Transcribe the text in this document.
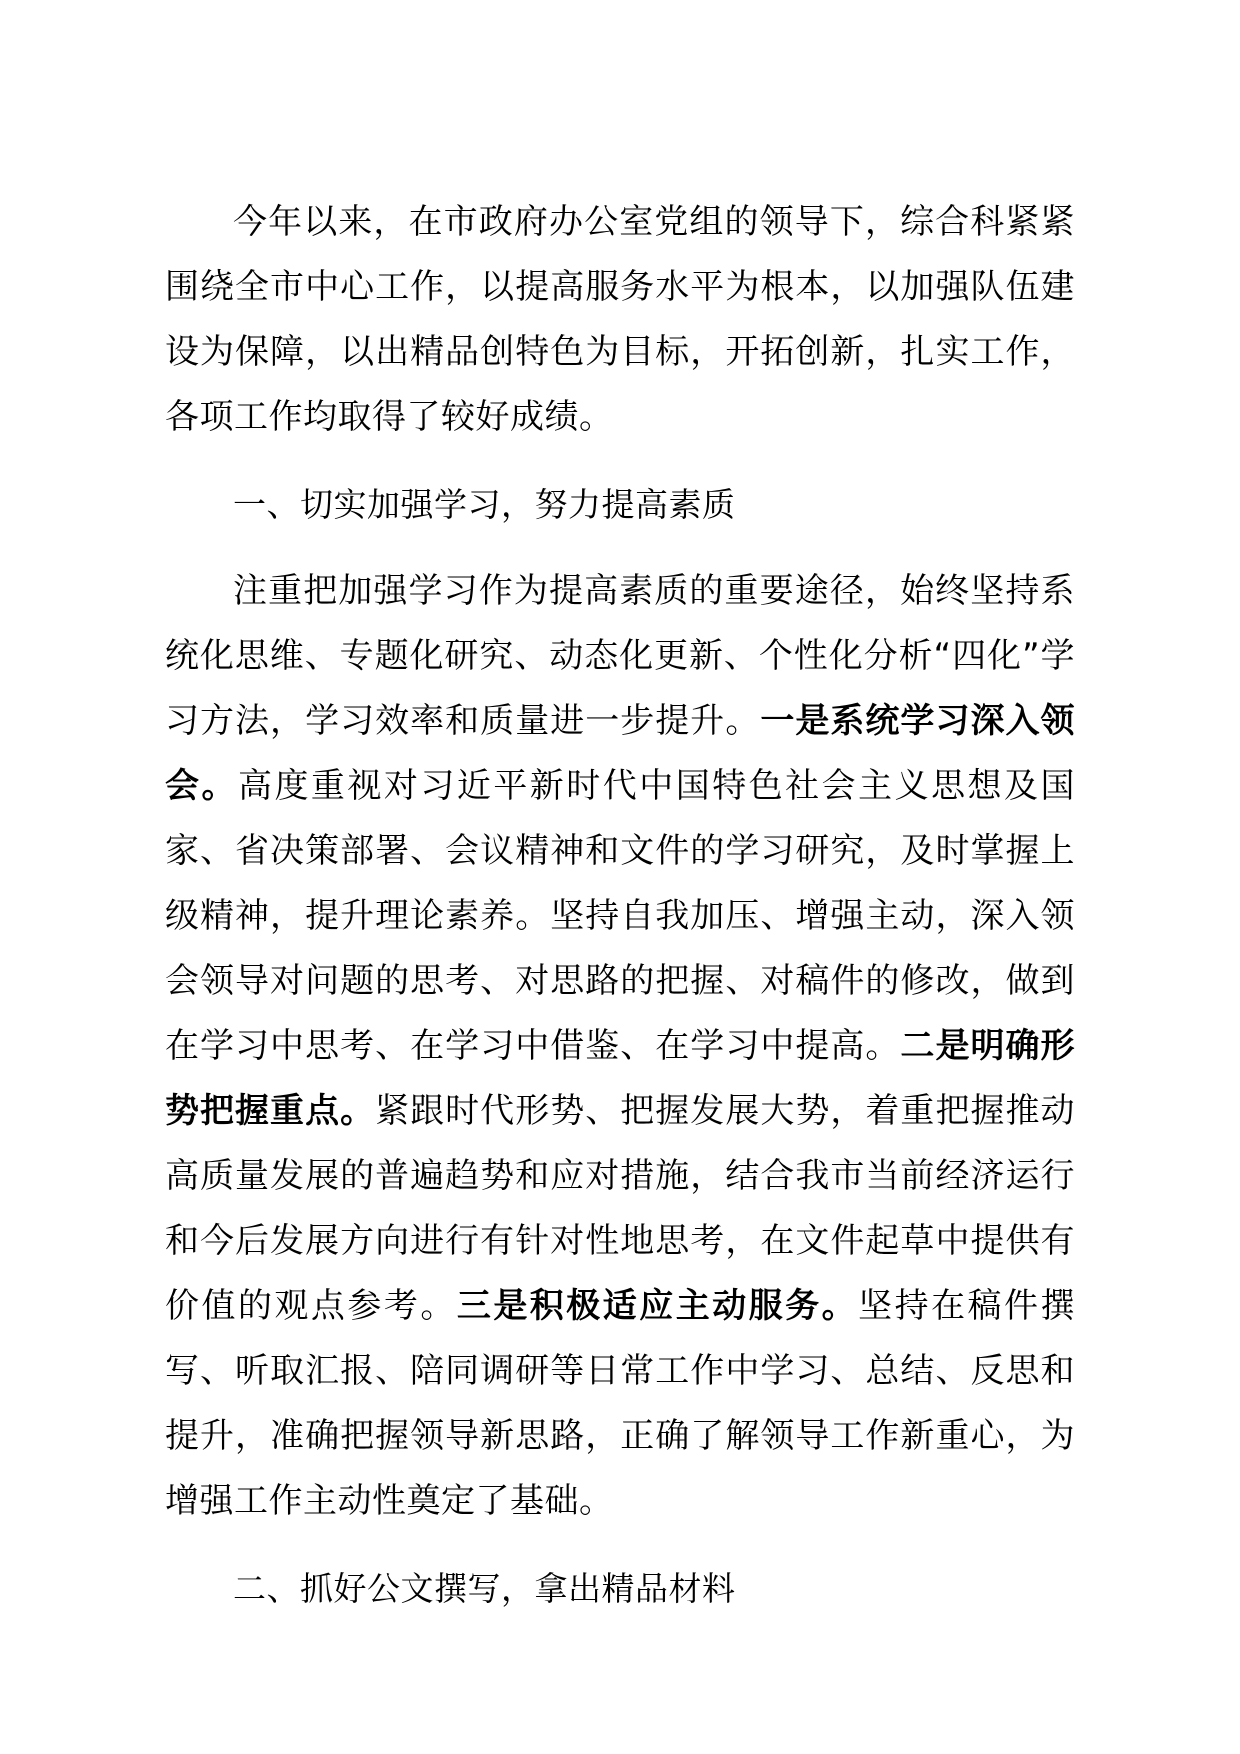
今年以来，在市政府办公室党组的领导下，综合科紧紧围绕全市中心工作，以提高服务水平为根本，以加强队伍建设为保障，以出精品创特色为目标，开拓创新，扎实工作，各项工作均取得了较好成绩。

一、切实加强学习，努力提高素质

注重把加强学习作为提高素质的重要途径，始终坚持系统化思维、专题化研究、动态化更新、个性化分析“四化”学习方法，学习效率和质量进一步提升。一是系统学习深入领会。高度重视对习近平新时代中国特色社会主义思想及国家、省决策部署、会议精神和文件的学习研究，及时掌握上级精神，提升理论素养。坚持自我加压、增强主动，深入领会领导对问题的思考、对思路的把握、对稿件的修改，做到在学习中思考、在学习中借鉴、在学习中提高。二是明确形势把握重点。紧跟时代形势、把握发展大势，着重把握推动高质量发展的普遍趋势和应对措施，结合我市当前经济运行和今后发展方向进行有针对性地思考，在文件起草中提供有价值的观点参考。三是积极适应主动服务。坚持在稿件撰写、听取汇报、陪同调研等日常工作中学习、总结、反思和提升，准确把握领导新思路，正确了解领导工作新重心，为增强工作主动性奠定了基础。

二、抓好公文撰写，拿出精品材料
